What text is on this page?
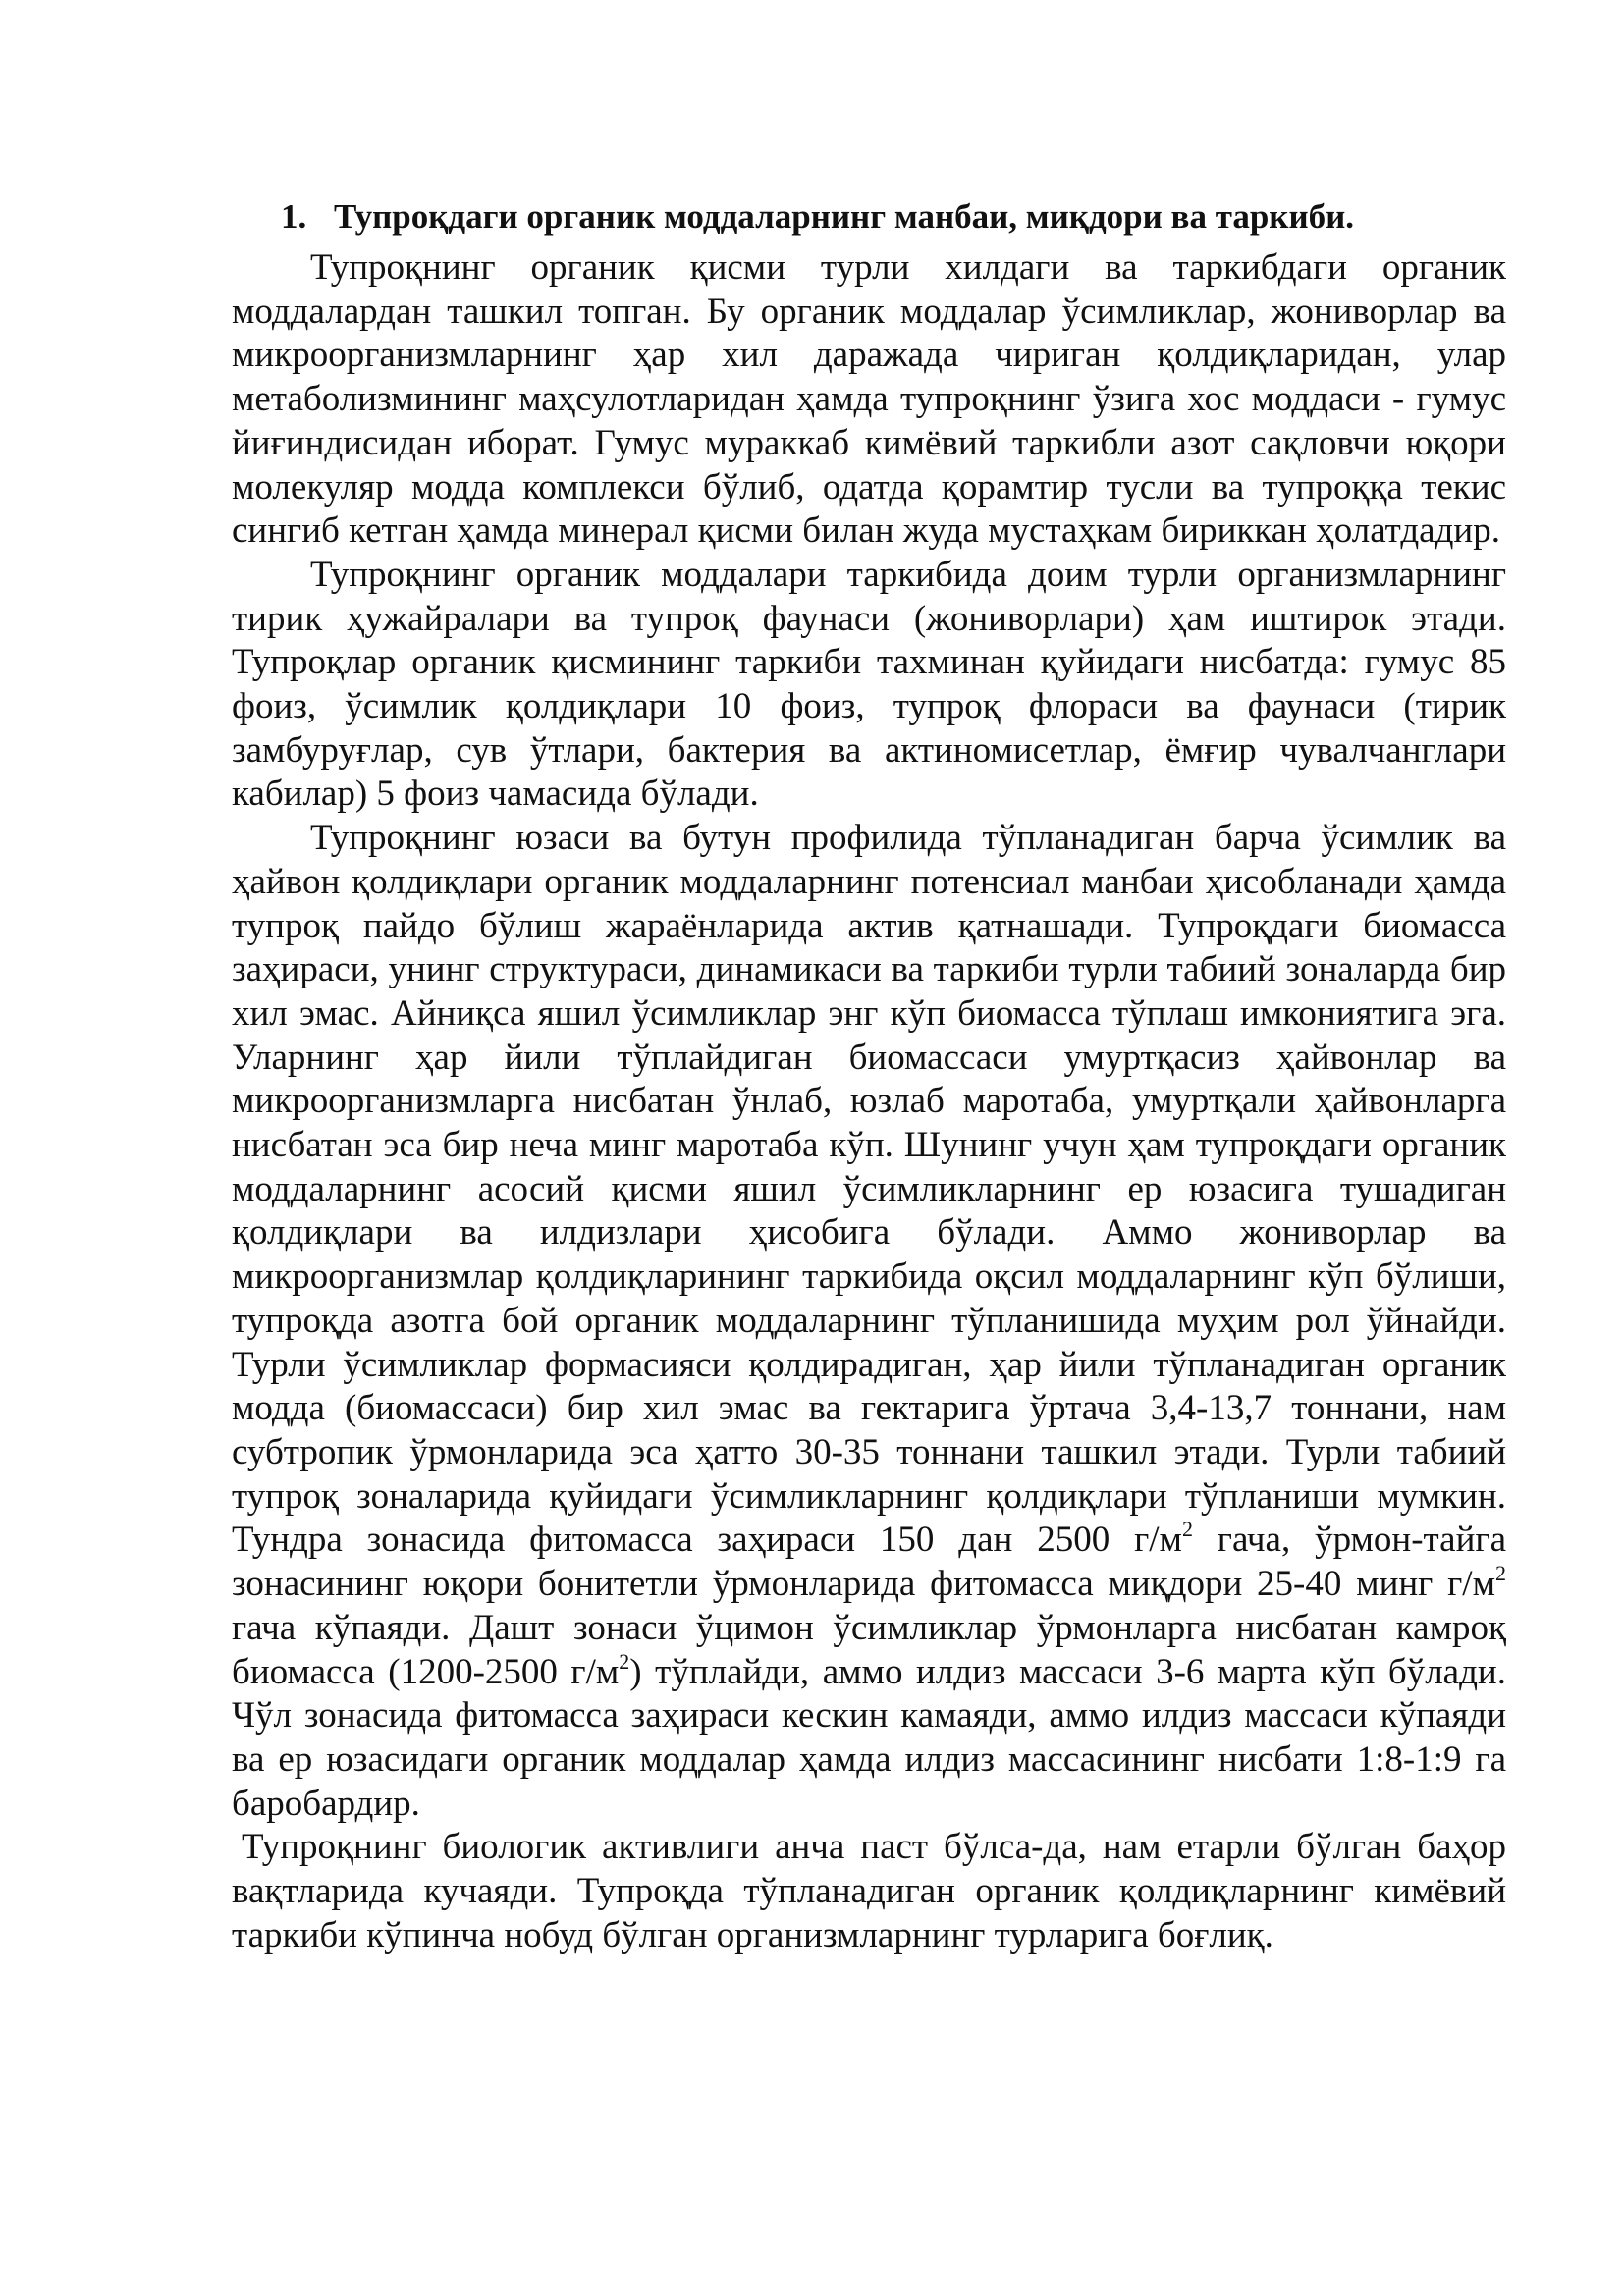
1. Тупроқдаги органик моддаларнинг манбаи, миқдори ва таркиби.

Тупроқнинг органик қисми турли хилдаги ва таркибдаги органик моддалардан ташкил топган. Бу органик моддалар ўсимликлар, жониворлар ва микроорганизмларнинг ҳар хил даражада чириган қолдиқларидан, улар метаболизмининг маҳсулотларидан ҳамда тупроқнинг ўзига хос моддаси - гумус йиғиндисидан иборат. Гумус мураккаб кимёвий таркибли азот сақловчи юқори молекуляр модда комплекси бўлиб, одатда қорамтир тусли ва тупроққа текис сингиб кетган ҳамда минерал қисми билан жуда мустаҳкам бириккан ҳолатдадир.

Тупроқнинг органик моддалари таркибида доим турли организмларнинг тирик ҳужайралари ва тупроқ фаунаси (жониворлари) ҳам иштирок этади. Тупроқлар органик қисмининг таркиби тахминан қуйидаги нисбатда: гумус 85 фоиз, ўсимлик қолдиқлари 10 фоиз, тупроқ флораси ва фаунаси (тирик замбуруғлар, сув ўтлари, бактерия ва актиномисетлар, ёмғир чувалчанглари кабилар) 5 фоиз чамасида бўлади.

Тупроқнинг юзаси ва бутун профилида тўпланадиган барча ўсимлик ва ҳайвон қолдиқлари органик моддаларнинг потенсиал манбаи ҳисобланади ҳамда тупроқ пайдо бўлиш жараёнларида актив қатнашади. Тупроқдаги биомасса заҳираси, унинг структураси, динамикаси ва таркиби турли табиий зоналарда бир хил эмас. Айниқса яшил ўсимликлар энг кўп биомасса тўплаш имкониятига эга. Уларнинг ҳар йили тўплайдиган биомассаси умуртқасиз ҳайвонлар ва микроорганизмларга нисбатан ўнлаб, юзлаб маротаба, умуртқали ҳайвонларга нисбатан эса бир неча минг маротаба кўп. Шунинг учун ҳам тупроқдаги органик моддаларнинг асосий қисми яшил ўсимликларнинг ер юзасига тушадиган қолдиқлари ва илдизлари ҳисобига бўлади. Аммо жониворлар ва микроорганизмлар қолдиқларининг таркибида оқсил моддаларнинг кўп бўлиши, тупроқда азотга бой органик моддаларнинг тўпланишида муҳим рол ўйнайди. Турли ўсимликлар формасияси қолдирадиган, ҳар йили тўпланадиган органик модда (биомассаси) бир хил эмас ва гектарига ўртача 3,4-13,7 тоннани, нам субтропик ўрмонларида эса ҳатто 30-35 тоннани ташкил этади. Турли табиий тупроқ зоналарида қуйидаги ўсимликларнинг қолдиқлари тўпланиши мумкин. Тундра зонасида фитомасса заҳираси 150 дан 2500 $г/м^2$ гача, ўрмон-тайга зонасининг юқори бонитетли ўрмонларида фитомасса миқдори 25-40 минг $г/м^2$ гача кўпаяди. Дашт зонаси ўцимон ўсимликлар ўрмонларга нисбатан камроқ биомасса (1200-2500 $г/м^2$) тўплайди, аммо илдиз массаси 3-6 марта кўп бўлади. Чўл зонасида фитомасса заҳираси кескин камаяди, аммо илдиз массаси кўпаяди ва ер юзасидаги органик моддалар ҳамда илдиз массасининг нисбати 1:8-1:9 га баробардир.

Тупроқнинг биологик активлиги анча паст бўлса-да, нам етарли бўлган баҳор вақтларида кучаяди. Тупроқда тўпланадиган органик қолдиқларнинг кимёвий таркиби кўпинча нобуд бўлган организмларнинг турларига боғлиқ.
